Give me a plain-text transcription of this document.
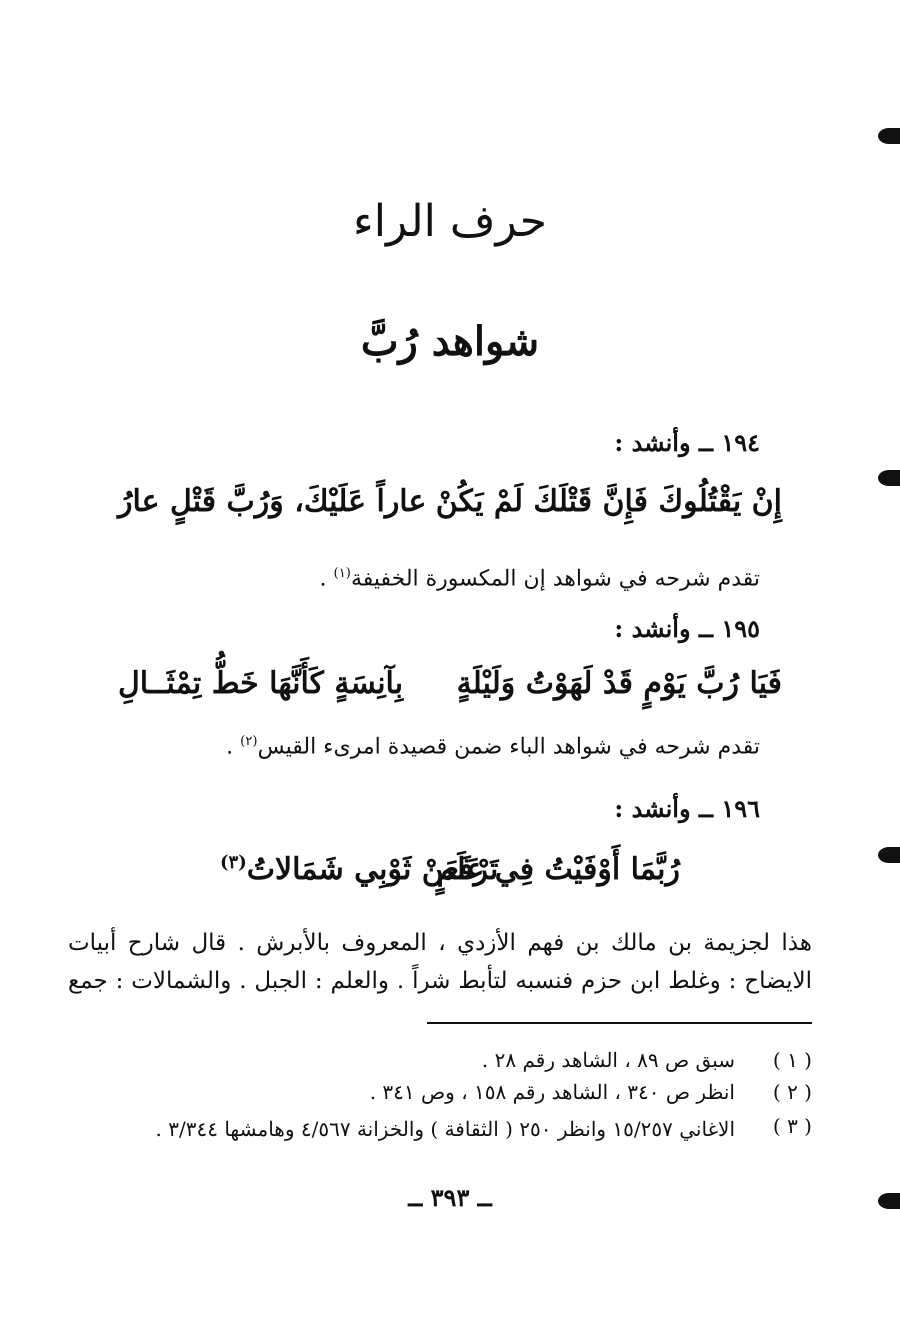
حرف الراء
شواهد رُبَّ
١٩٤ ــ وأنشد :
إِنْ يَقْتُلُوكَ فَإِنَّ قَتْلَكَ لَمْ يَكُنْ
عاراً عَلَيْكَ، وَرُبَّ قَتْلٍ عارُ
تقدم شرحه في شواهد إن المكسورة الخفيفة$^{(١)}$ .
١٩٥ ــ وأنشد :
فَيَا رُبَّ يَوْمٍ قَدْ لَهَوْتُ وَلَيْلَةٍ
بِآنِسَةٍ كَأَنَّهَا خَطُّ تِمْثَــالِ
تقدم شرحه في شواهد الباء ضمن قصيدة امرىء القيس$^{(٢)}$ .
١٩٦ ــ وأنشد :
رُبَّمَا أَوْفَيْتُ فِي عَلَمٍ
تَرْفَعَنْ ثَوْبِي شَمَالاتُ$^{(٣)}$
هذا لجزيمة بن مالك بن فهم الأزدي ، المعروف بالأبرش . قال شارح أبيات
الايضاح : وغلط ابن حزم فنسبه لتأبط شراً . والعلم : الجبل . والشمالات : جمع
( ١ )
سبق ص ٨٩ ، الشاهد رقم ٢٨ .
( ٢ )
انظر ص ٣٤٠ ، الشاهد رقم ١٥٨ ، وص ٣٤١ .
( ٣ )
الاغاني ١٥/٢٥٧ وانظر ٢٥٠ ( الثقافة ) والخزانة ٤/٥٦٧ وهامشها ٣/٣٤٤ .
ــ ٣٩٣ ــ
